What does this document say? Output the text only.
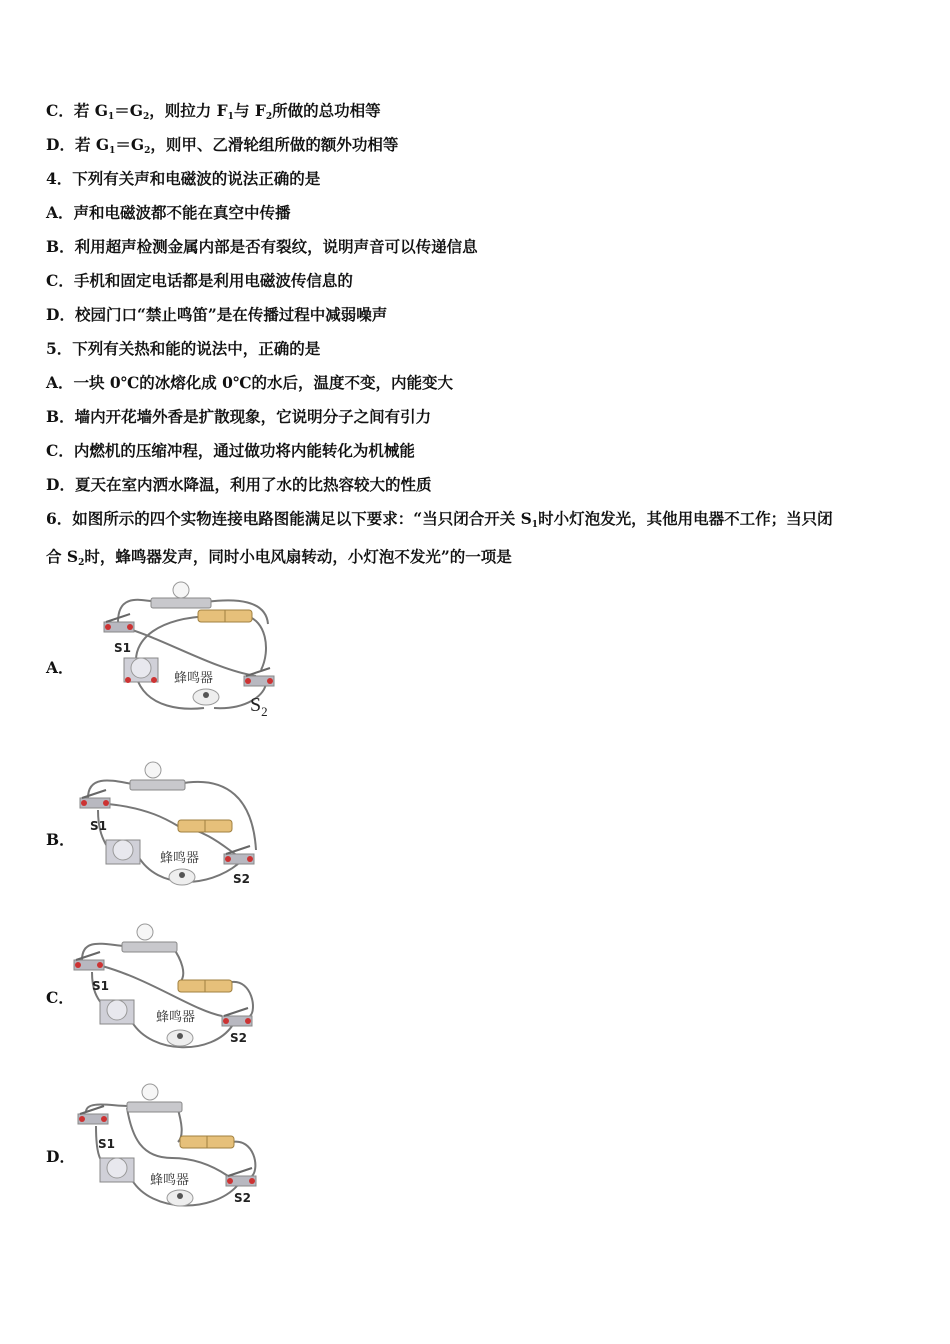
C．若 $G_1=G_2$，则拉力 $F_1$与 $F_2$所做的总功相等
D．若 $G_1=G_2$，则甲、乙滑轮组所做的额外功相等
4．下列有关声和电磁波的说法正确的是
A．声和电磁波都不能在真空中传播
B．利用超声检测金属内部是否有裂纹，说明声音可以传递信息
C．手机和固定电话都是利用电磁波传信息的
D．校园门口“禁止鸣笛”是在传播过程中减弱噪声
5．下列有关热和能的说法中，正确的是
A．一块 0℃的冰熔化成 0℃的水后，温度不变，内能变大
B．墙内开花墙外香是扩散现象，它说明分子之间有引力
C．内燃机的压缩冲程，通过做功将内能转化为机械能
D．夏天在室内洒水降温，利用了水的比热容较大的性质
6．如图所示的四个实物连接电路图能满足以下要求：“当只闭合开关 $S_1$时小灯泡发光，其他用电器不工作；当只闭
合 $S_2$时，蜂鸣器发声，同时小电风扇转动，小灯泡不发光”的一项是
A．
S1
蜂鸣器
$S_2$
B．
S1
蜂鸣器
S2
C．
S1
蜂鸣器
S2
D．
S1
蜂鸣器
S2
